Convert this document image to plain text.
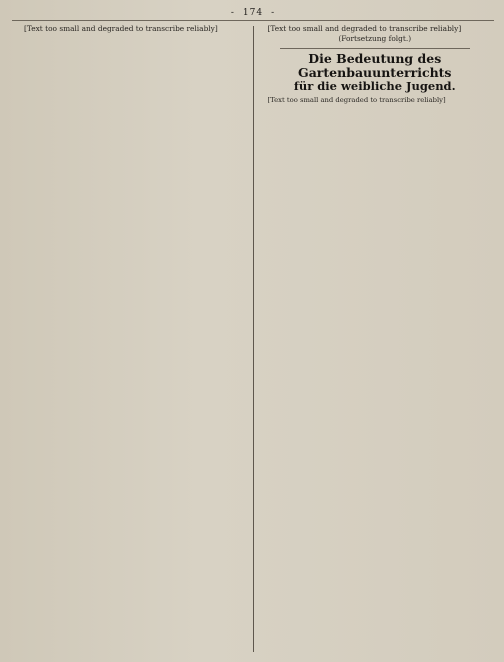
- 174 -

[Text too small and degraded to transcribe reliably]	[Text too small and degraded to transcribe reliably]

(Fortsetzung folgt.)

Die Bedeutung des Gartenbauunterrichts
für die weibliche Jugend.

[Text too small and degraded to transcribe reliably]
